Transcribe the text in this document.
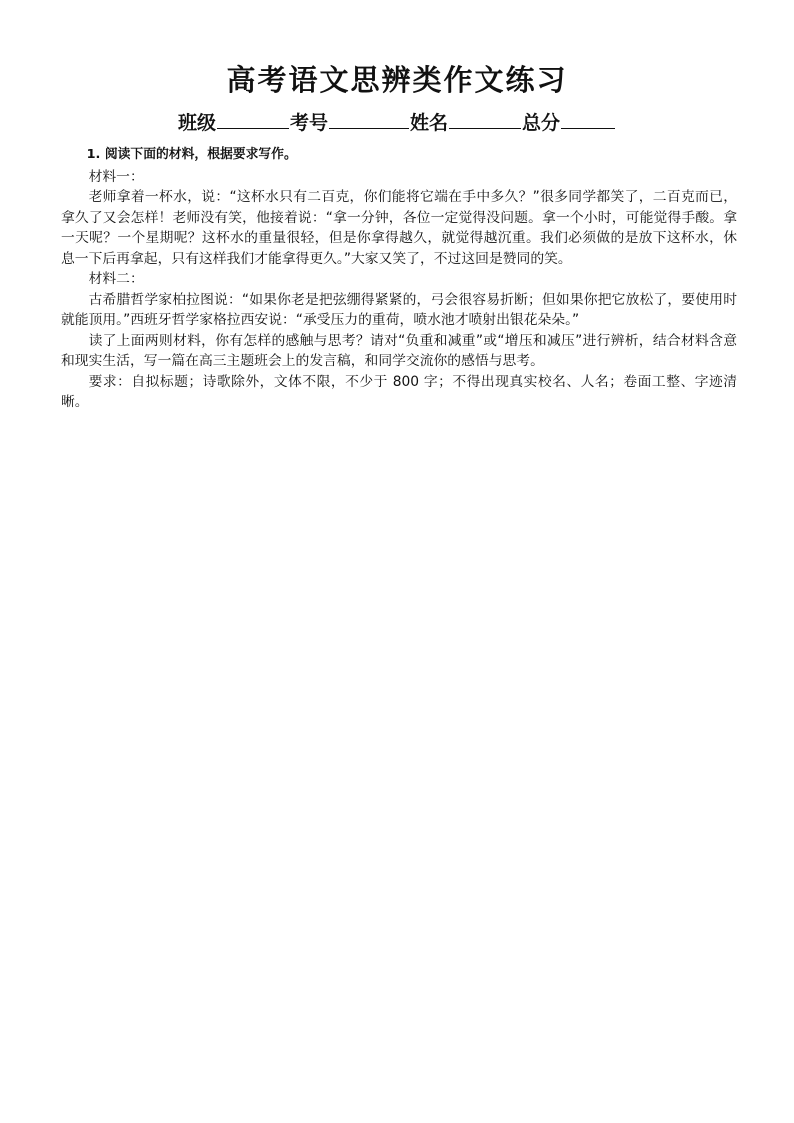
高考语文思辨类作文练习
班级	考号	姓名	总分

1. 阅读下面的材料，根据要求写作。

材料一：

老师拿着一杯水，说：“这杯水只有二百克，你们能将它端在手中多久？”很多同学都笑了，二百克而已，拿久了又会怎样！老师没有笑，他接着说：“拿一分钟，各位一定觉得没问题。拿一个小时，可能觉得手酸。拿一天呢？一个星期呢？这杯水的重量很轻，但是你拿得越久，就觉得越沉重。我们必须做的是放下这杯水，休息一下后再拿起，只有这样我们才能拿得更久。”大家又笑了，不过这回是赞同的笑。

材料二：

古希腊哲学家柏拉图说：“如果你老是把弦绷得紧紧的，弓会很容易折断；但如果你把它放松了，要使用时就能顶用。”西班牙哲学家格拉西安说：“承受压力的重荷，喷水池才喷射出银花朵朵。”

读了上面两则材料，你有怎样的感触与思考？请对“负重和减重”或“增压和减压”进行辨析，结合材料含意和现实生活，写一篇在高三主题班会上的发言稿，和同学交流你的感悟与思考。

要求：自拟标题；诗歌除外，文体不限，不少于 800 字；不得出现真实校名、人名；卷面工整、字迹清晰。
